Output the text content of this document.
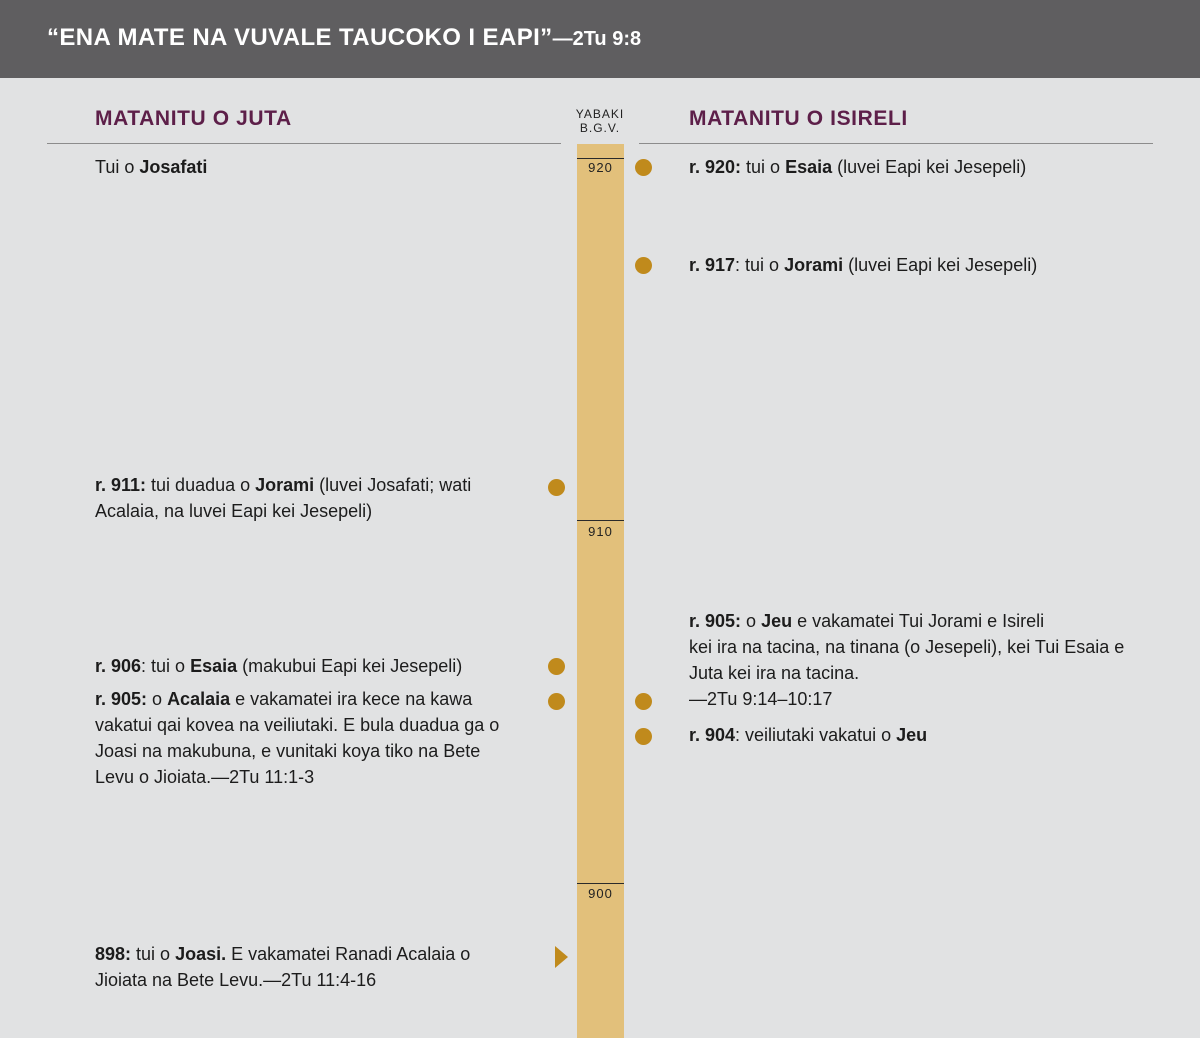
“ENA MATE NA VUVALE TAUCOKO I EAPI”—2Tu 9:8
MATANITU O JUTA	MATANITU O ISIRELI
YABAKI
B.G.V.
920
910
900
Tui o Josafati
r. 911: tui duadua o Jorami (luvei Josafati; wati
Acalaia, na luvei Eapi kei Jesepeli)
r. 906: tui o Esaia (makubui Eapi kei Jesepeli)
r. 905: o Acalaia e vakamatei ira kece na kawa
vakatui qai kovea na veiliutaki. E bula duadua ga o
Joasi na makubuna, e vunitaki koya tiko na Bete
Levu o Jioiata.—2Tu 11:1-3
898: tui o Joasi. E vakamatei Ranadi Acalaia o
Jioiata na Bete Levu.—2Tu 11:4-16
r. 920: tui o Esaia (luvei Eapi kei Jesepeli)
r. 917: tui o Jorami (luvei Eapi kei Jesepeli)
r. 905: o Jeu e vakamatei Tui Jorami e Isireli
kei ira na tacina, na tinana (o Jesepeli), kei Tui Esaia e
Juta kei ira na tacina.
—2Tu 9:14–10:17
r. 904: veiliutaki vakatui o Jeu
